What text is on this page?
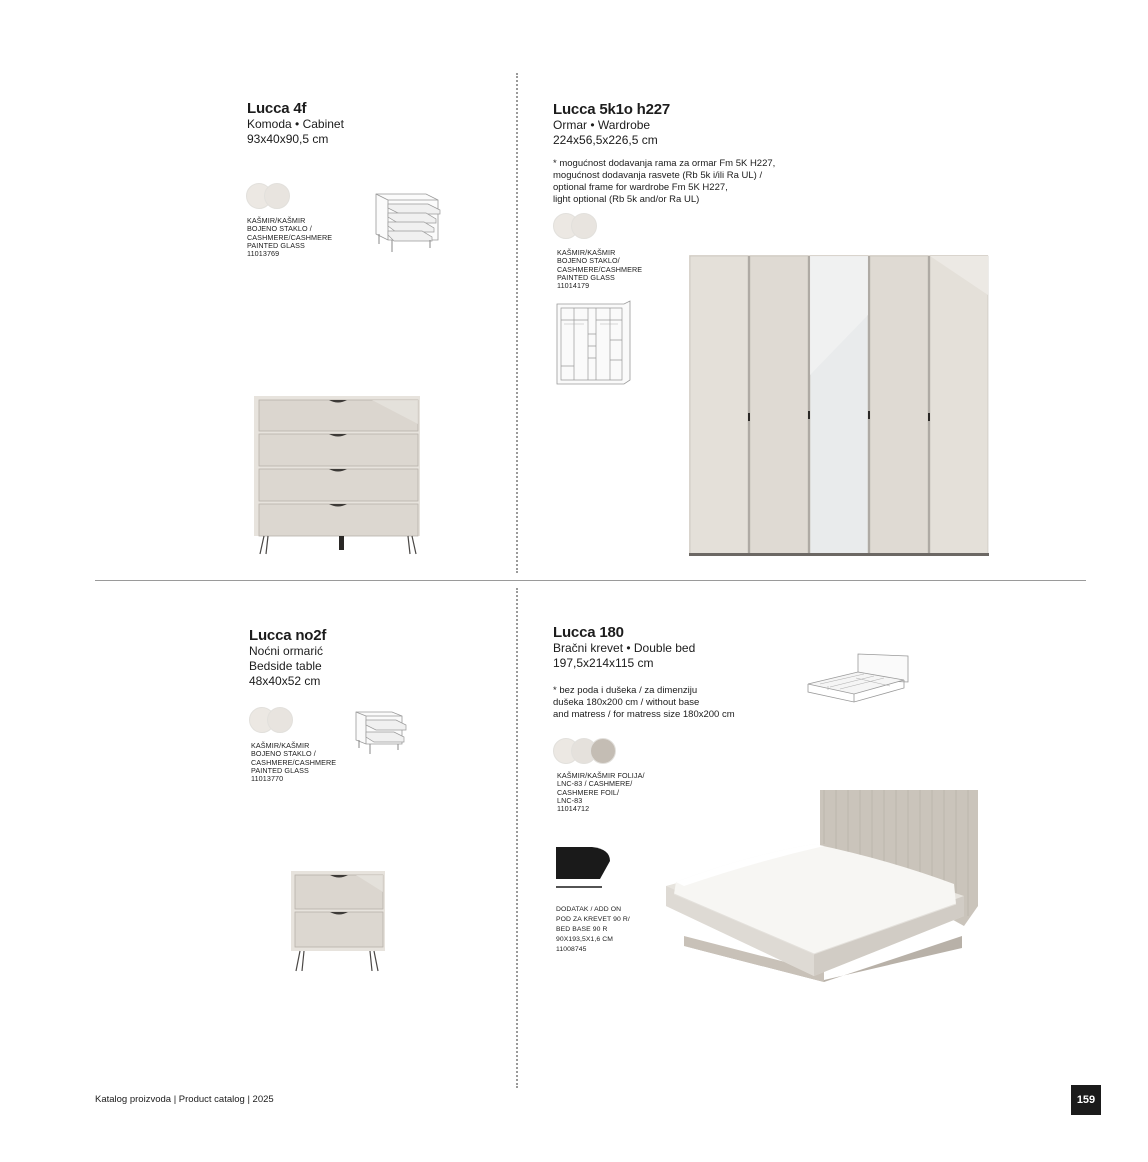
Lucca 4f
Komoda • Cabinet
93x40x90,5 cm
KAŠMIR/KAŠMIR
BOJENO STAKLO /
CASHMERE/CASHMERE
PAINTED GLASS
11013769
Lucca 5k1o h227
Ormar • Wardrobe
224x56,5x226,5 cm
* mogućnost dodavanja rama za ormar Fm 5K H227,
mogućnost dodavanja rasvete (Rb 5k i/ili Ra UL) /
optional frame for wardrobe Fm 5K H227,
light optional (Rb 5k and/or Ra UL)
KAŠMIR/KAŠMIR
BOJENO STAKLO/
CASHMERE/CASHMERE
PAINTED GLASS
11014179
Lucca no2f
Noćni ormarić
Bedside table
48x40x52 cm
KAŠMIR/KAŠMIR
BOJENO STAKLO /
CASHMERE/CASHMERE
PAINTED GLASS
11013770
Lucca 180
Bračni krevet • Double bed
197,5x214x115 cm
* bez poda i dušeka / za dimenziju
dušeka 180x200 cm / without base
and matress / for matress size 180x200 cm
KAŠMIR/KAŠMIR FOLIJA/
LNC-83 / CASHMERE/
CASHMERE FOIL/
LNC-83
11014712
DODATAK / ADD ON
POD ZA KREVET 90 R/
BED BASE 90 R
90X193,5X1,6 CM
11008745
Katalog proizvoda | Product catalog | 2025	159
